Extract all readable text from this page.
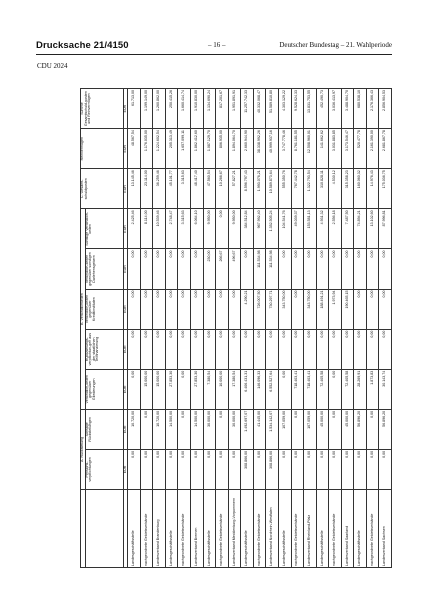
Drucksache 21/4150	– 16 –	Deutscher Bundestag – 21. Wahlperiode
CDU 2024
	A. Rückstellung		B. Verbindlichkeiten					C. Gesamt-schuldposten	Reinvermögen	Summe Gesamtschuld-posten und Reinvermögen
	Pensions-verpflichtungen	Sonstige Rückstellungen	Verbindlich-keiten gegenüber Gliederungen	Rückzahlungs-verpflichtun-gen aus der staatlichen Teilfinanzierung	Verbindlich-keiten gegenüber Kreditinstituten	Verbindlich-keiten gegenüber sonstigen Darlehensgebern	Sonstige Verbindlich-keiten			
	EUR	EUR	EUR	EUR	EUR	EUR	EUR	EUR	EUR	EUR
Landesgeschäftsstelle	0,00	10.720,00	0,00	0,00	0,00	0,00	2.425,46	13.145,46	48.567,54	61.713,00
nachgeordnete Gebietsverbände	0,00	0,00	15.000,00	0,00	0,00	0,00	8.114,00	23.114,00	1.176.035,00	1.199.149,00
Landesverband Brandenburg	0,00	10.720,00	15.000,00	0,00	0,00	0,00	10.539,46	36.259,46	1.224.602,54	1.260.862,00
Landesgeschäftsstelle	0,00	14.500,00	27.853,30	0,00	0,00	0,00	2.748,47	45.101,77	205.313,49	250.415,26
nachgeordnete Gebietsverbände	0,00	0,00	0,00	0,00	0,00	0,00	3.315,63	3.315,63	1.657.099,11	1.660.414,74
Landesverband Bremen	0,00	14.500,00	27.853,30	0,00	0,00	0,00	6.064,10	48.417,40	1.862.412,60	1.910.830,00
Landesgeschäftsstelle	0,00	30.000,00	7.380,54	0,00	0,00	230,00	9.950,00	47.560,54	1.087.129,70	1.134.690,24
nachgeordnete Gebietsverbände	0,00	0,00	10.000,00	0,00	0,00	266,67	0,00	10.266,67	806.935,00	817.201,67
Landesverband Mecklenburg-Vorpommern	0,00	30.000,00	17.380,54	0,00	0,00	496,67	9.950,00	57.827,21	1.894.064,70	1.951.891,91
Landesgeschäftsstelle	308.866,00	1.492.697,07	6.406.431,31	0,00	4.290,21	0,00	384.512,84	8.596.797,43	2.660.944,90	11.257.742,33
nachgeordnete Gebietsverbände	0,00	41.445,00	146.096,33	0,00	726.007,50	111.534,98	967.992,40	1.993.076,21	38.338.992,26	40.332.068,47
Landesverband Nordrhein-Westfalen	308.866,00	1.534.142,07	6.552.527,64	0,00	730.297,71	111.534,98	1.352.505,24	10.589.873,64	40.999.937,16	51.589.810,80
Landesgeschäftsstelle	0,00	107.059,00	0,00	0,00	343.750,00	0,00	104.541,76	555.350,76	3.747.778,46	4.303.129,22
nachgeordnete Gebietsverbände	0,00	0,00	718.403,41	0,00	0,00	0,00	49.039,37	767.442,78	8.761.181,55	9.528.624,33
Landesverband Rheinland-Pfalz	0,00	107.059,00	718.403,41	0,00	343.750,00	0,00	153.581,13	1.322.793,54	12.508.960,01	13.831.753,55
Landesgeschäftsstelle	0,00	45.000,00	72.405,58	0,00	188.491,21	0,00	4.931,32	310.828,11	141.662,62	452.490,73
nachgeordnete Gebietsverbände	0,00	0,00	0,00	0,00	1.973,94	0,00	2.556,18	4.530,12	3.031.883,85	3.036.413,97
Landesverband Saarland	0,00	45.000,00	72.405,58	0,00	190.465,15	0,00	7.487,50	315.358,23	3.173.546,47	3.488.904,70
Landesgeschäftsstelle	0,00	56.896,20	28.269,91	0,00	0,00	0,00	74.894,21	160.060,32	520.477,78	680.538,10
nachgeordnete Gebietsverbände	0,00	0,00	1.873,83	0,00	0,00	0,00	13.102,60	14.976,43	2.161.390,00	2.176.366,43
Landesverband Sachsen	0,00	56.896,20	30.143,74	0,00	0,00	0,00	87.996,81	175.036,75	2.681.867,78	2.856.904,53
